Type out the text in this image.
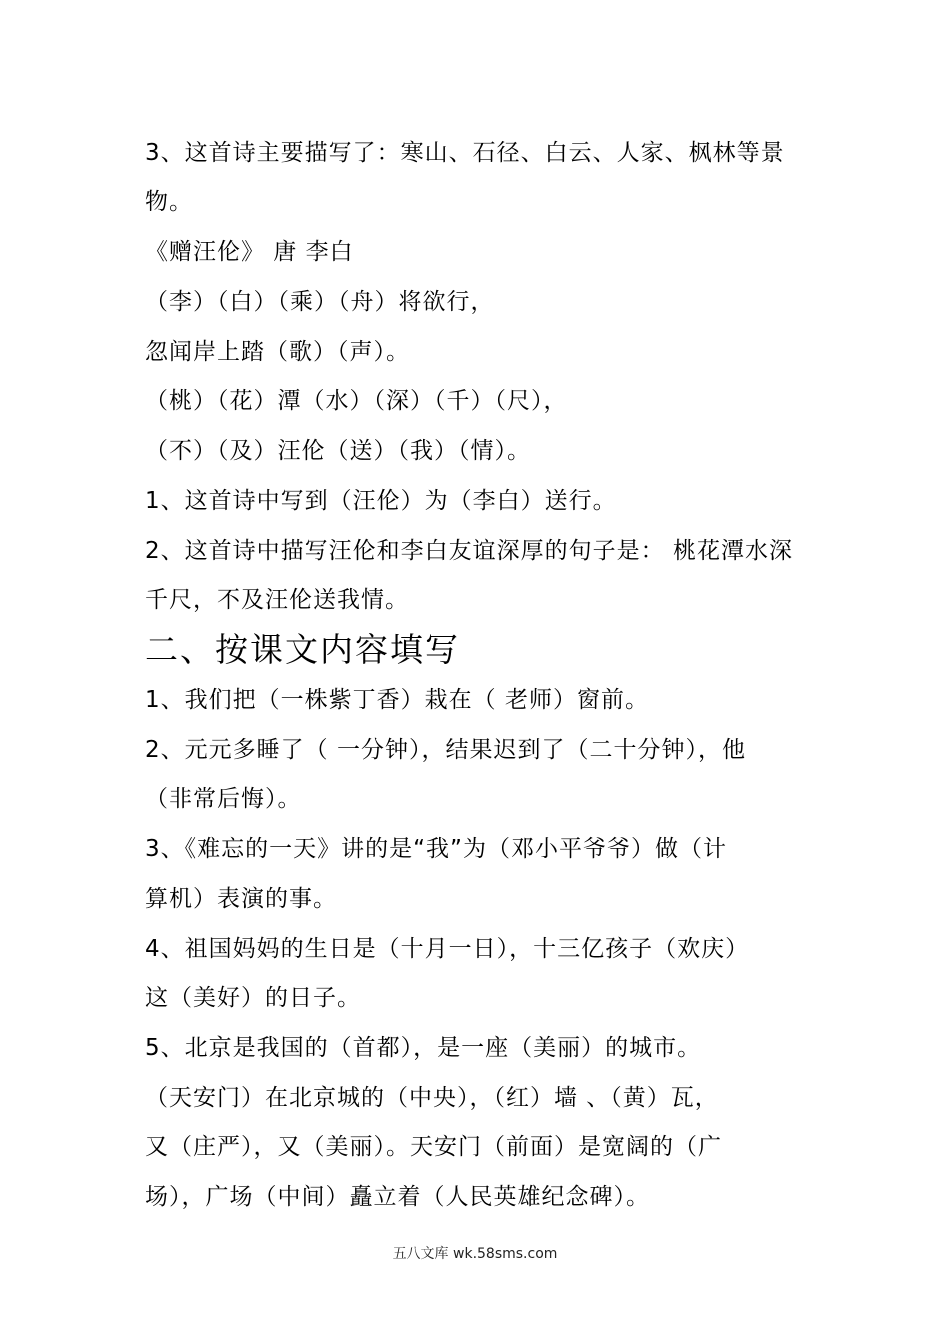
3、这首诗主要描写了：寒山、石径、白云、人家、枫林等景
物。
《赠汪伦》 唐 李白
（李）（白）（乘）（舟）将欲行，
忽闻岸上踏（歌）（声）。
（桃）（花）潭（水）（深）（千）（尺），
（不）（及）汪伦（送）（我）（情）。
1、这首诗中写到（汪伦）为（李白）送行。
2、这首诗中描写汪伦和李白友谊深厚的句子是： 桃花潭水深
千尺，不及汪伦送我情。
二、按课文内容填写
1、我们把（一株紫丁香）栽在（ 老师）窗前。
2、元元多睡了（ 一分钟），结果迟到了（二十分钟），他
（非常后悔）。
3、《难忘的一天》讲的是“我”为（邓小平爷爷）做（计
算机）表演的事。
4、祖国妈妈的生日是（十月一日），十三亿孩子（欢庆）
这（美好）的日子。
5、北京是我国的（首都），是一座（美丽）的城市。
（天安门）在北京城的（中央），（红）墙 、（黄）瓦，
又（庄严），又（美丽）。天安门（前面）是宽阔的（广
场），广场（中间）矗立着（人民英雄纪念碑）。
五八文库 wk.58sms.com
